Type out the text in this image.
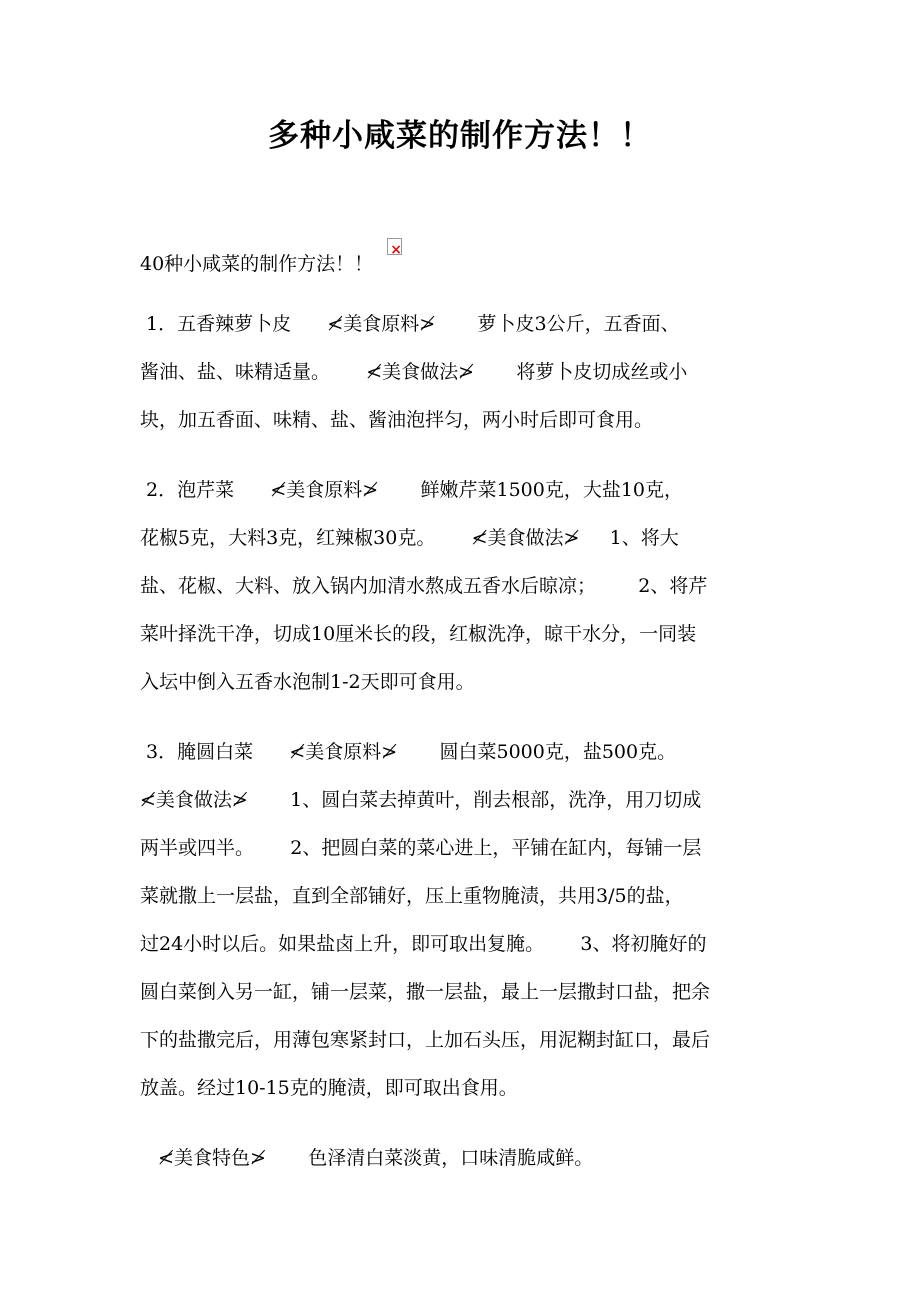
多种小咸菜的制作方法！！
40种小咸菜的制作方法！！×
1．五香辣萝卜皮      ≮美食原料≯       萝卜皮3公斤，五香面、
酱油、盐、味精适量。      ≮美食做法≯       将萝卜皮切成丝或小
块，加五香面、味精、盐、酱油泡拌匀，两小时后即可食用。
2．泡芹菜      ≮美食原料≯       鲜嫩芹菜1500克，大盐10克，
花椒5克，大料3克，红辣椒30克。      ≮美食做法≯     1、将大
盐、花椒、大料、放入锅内加清水熬成五香水后晾凉；       2、将芹
菜叶择洗干净，切成10厘米长的段，红椒洗净，晾干水分，一同装
入坛中倒入五香水泡制1-2天即可食用。
3．腌圆白菜      ≮美食原料≯       圆白菜5000克，盐500克。
≮美食做法≯       1、圆白菜去掉黄叶，削去根部，洗净，用刀切成
两半或四半。      2、把圆白菜的菜心进上，平铺在缸内，每铺一层
菜就撒上一层盐，直到全部铺好，压上重物腌渍，共用3/5的盐，
过24小时以后。如果盐卤上升，即可取出复腌。      3、将初腌好的
圆白菜倒入另一缸，铺一层菜，撒一层盐，最上一层撒封口盐，把余
下的盐撒完后，用薄包寒紧封口，上加石头压，用泥糊封缸口，最后
放盖。经过10-15克的腌渍，即可取出食用。
≮美食特色≯       色泽清白菜淡黄，口味清脆咸鲜。
